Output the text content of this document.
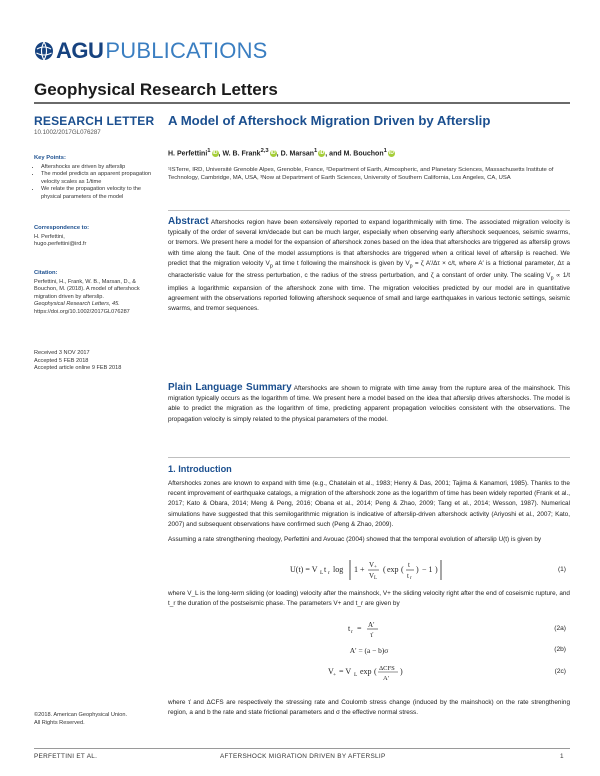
AGU PUBLICATIONS
Geophysical Research Letters
RESEARCH LETTER
10.1002/2017GL076287
Key Points:
• Aftershocks are driven by afterslip
• The model predicts an apparent propagation velocity scales as 1/time
• We relate the propagation velocity to the physical parameters of the model
Correspondence to:
H. Perfettini,
hugo.perfettini@ird.fr
Citation:
Perfettini, H., Frank, W. B., Marsan, D., & Bouchon, M. (2018). A model of aftershock migration driven by afterslip.
Geophysical Research Letters, 45.
https://doi.org/10.1002/2017GL076287
Received 3 NOV 2017
Accepted 5 FEB 2018
Accepted article online 9 FEB 2018
©2018. American Geophysical Union.
All Rights Reserved.
A Model of Aftershock Migration Driven by Afterslip
H. Perfettini$^1$ iD, W. B. Frank$^{2,3}$ iD, D. Marsan$^1$ iD, and M. Bouchon$^1$ iD
¹ISTerre, IRD, Université Grenoble Alpes, Grenoble, France, ²Department of Earth, Atmospheric, and Planetary Sciences, Massachusetts Institute of Technology, Cambridge, MA, USA, ³Now at Department of Earth Sciences, University of Southern California, Los Angeles, CA, USA
Abstract Aftershocks region have been extensively reported to expand logarithmically with time. The associated migration velocity is typically of the order of several km/decade but can be much larger, especially when observing early aftershock sequences, seismic swarms, or tremors. We present here a model for the expansion of aftershock zones based on the idea that aftershocks are triggered as afterslip grows with time along the fault. One of the model assumptions is that aftershocks are triggered when a critical level of afterslip is reached. We predict that the migration velocity $V_p$ at time t following the mainshock is given by $V_p = \zeta$ A′/Δτ × c/t, where A′ is a frictional parameter, Δτ a characteristic value for the stress perturbation, c the radius of the stress perturbation, and ζ a constant of order unity. The scaling $V_p \propto 1/t$ implies a logarithmic expansion of the aftershock zone with time. The migration velocities predicted by our model are in quantitative agreement with the observations reported following aftershock sequence of small and large earthquakes in various tectonic settings, seismic swarms, and tremor sequences.
Plain Language Summary Aftershocks are shown to migrate with time away from the rupture area of the mainshock. This migration typically occurs as the logarithm of time. We present here a model based on the idea that afterslip drives aftershocks. The model is able to predict the migration as the logarithm of time, predicting apparent propagation velocities consistent with the observations. The propagation velocity is simply related to the physical parameters of the model.
1. Introduction
Aftershocks zones are known to expand with time (e.g., Chatelain et al., 1983; Henry & Das, 2001; Tajima & Kanamori, 1985). Thanks to the recent improvement of earthquake catalogs, a migration of the aftershock zone as the logarithm of time has been widely reported (Frank et al., 2017; Kato & Obara, 2014; Meng & Peng, 2016; Obana et al., 2014; Peng & Zhao, 2009; Tang et al., 2014; Wesson, 1987). Numerical simulations have suggested that this semilogarithmic migration is indicative of afterslip-driven aftershock activity (Ariyoshi et al., 2007; Kato, 2007) and subsequent observations have confirmed such (Peng & Zhao, 2009).
Assuming a rate strengthening rheology, Perfettini and Avouac (2004) showed that the temporal evolution of afterslip U(t) is given by
U(t) = V L t r log 1 + V +
V L
( exp ( t
t r
) − 1 )	(1)
where V_L is the long-term sliding (or loading) velocity after the mainshock, V+ the sliding velocity right after the end of coseismic rupture, and t_r the duration of the postseismic phase. The parameters V+ and t_r are given by
t r = A′
τ̇
(2a)
A′ = (a − b)σ	(2b)
V + = V L exp ( ΔCFS
A′
)	(2c)
where τ̇ and ΔCFS are respectively the stressing rate and Coulomb stress change (induced by the mainshock) on the rate strengthening region, a and b the rate and state frictional parameters and σ the effective normal stress.
PERFETTINI ET AL.	AFTERSHOCK MIGRATION DRIVEN BY AFTERSLIP	1
